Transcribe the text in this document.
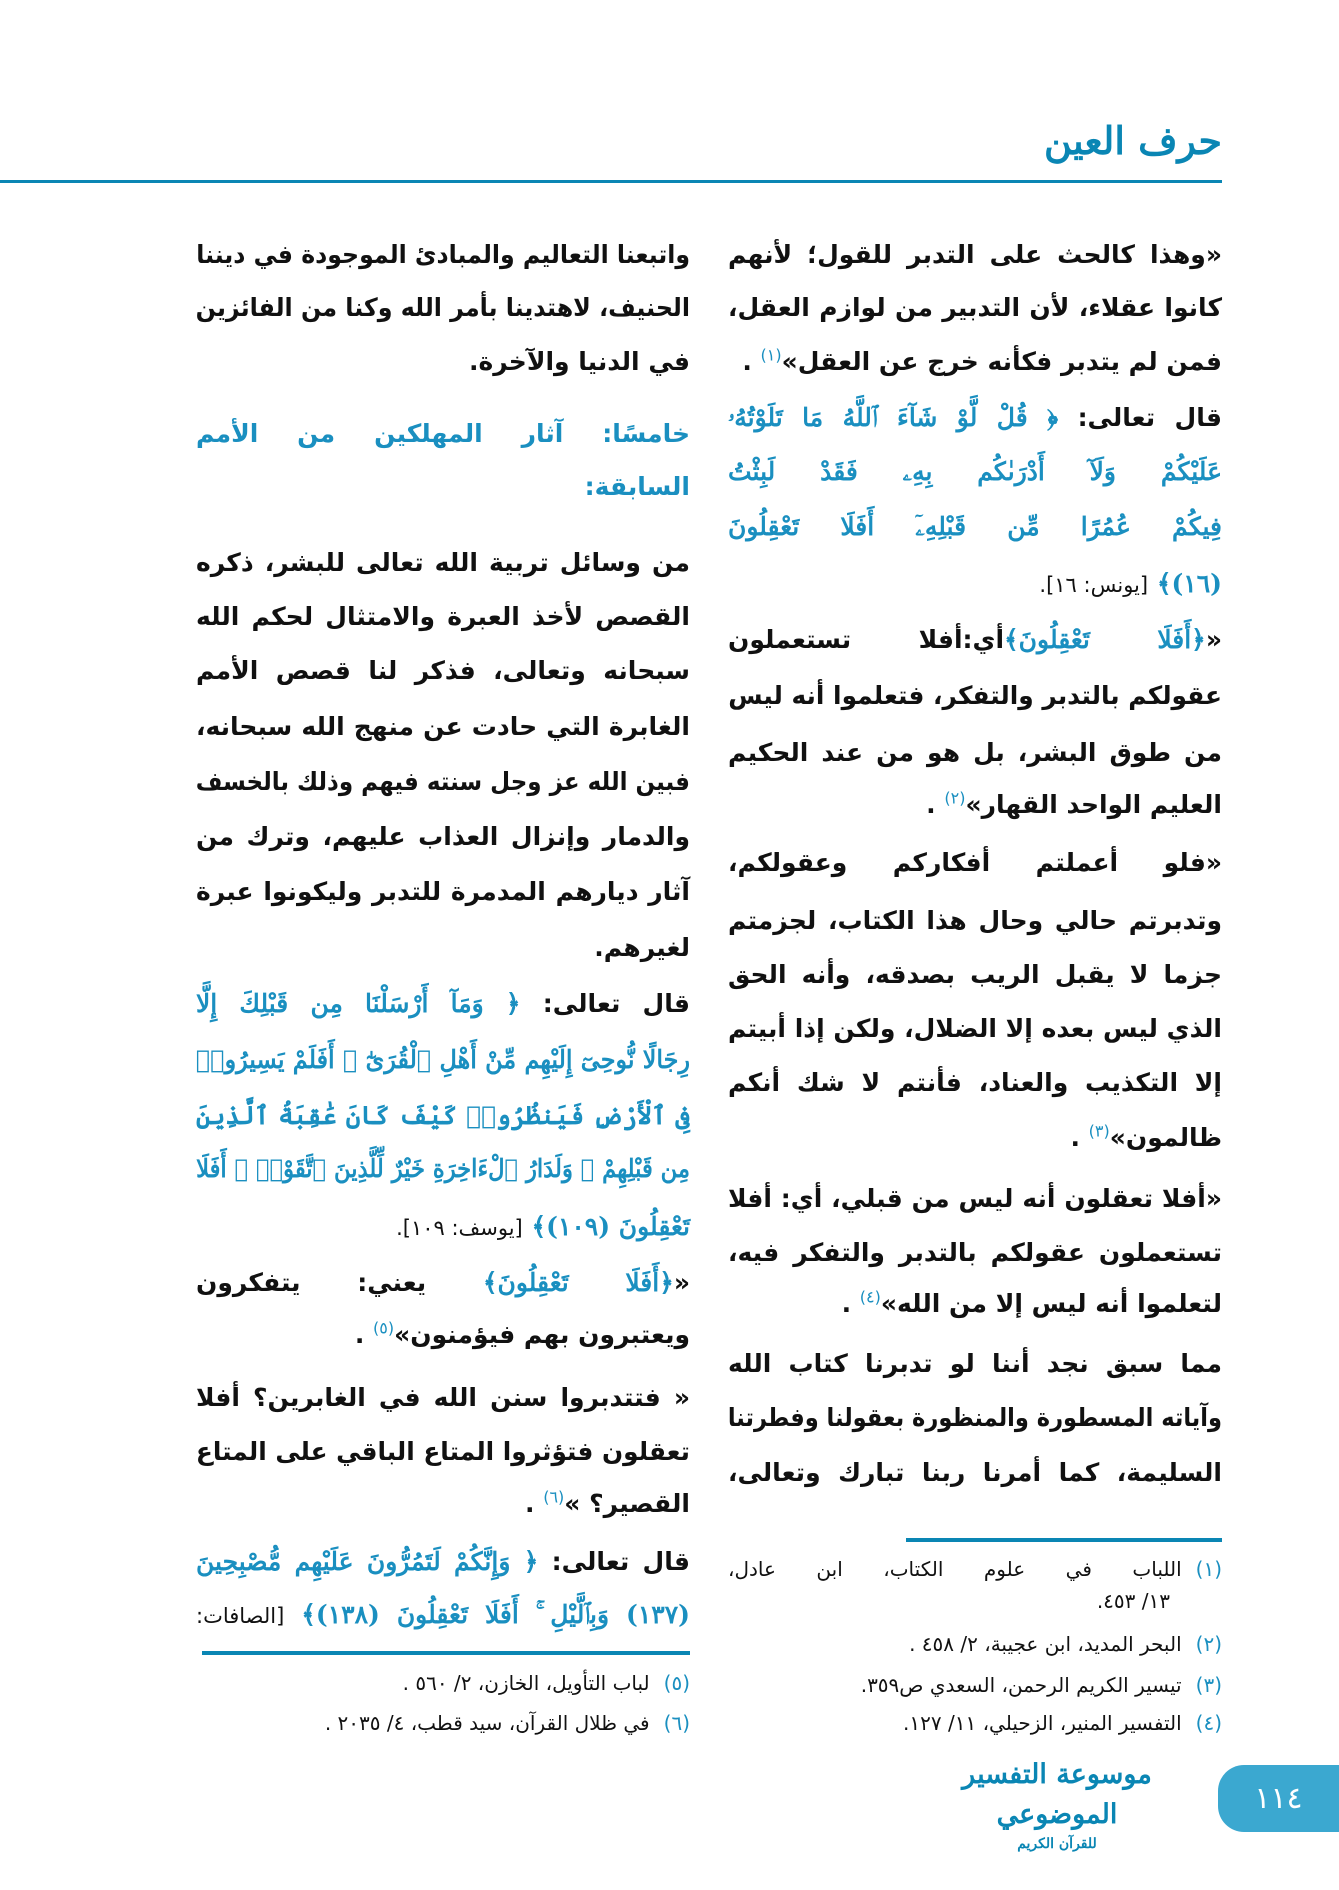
حرف العين
«وهذا كالحث على التدبر للقول؛ لأنهم
كانوا عقلاء، لأن التدبير من لوازم العقل،
فمن لم يتدبر فكأنه خرج عن العقل»$^{(١)}$ .
قال تعالى: ﴿ قُلْ لَّوْ شَآءَ ٱللَّهُ مَا تَلَوْتُهُۥ
عَلَيْكُمْ وَلَآ أَدْرَىٰكُم بِهِۦ فَقَدْ لَبِثْتُ
فِيكُمْ عُمُرًا مِّن قَبْلِهِۦٓ أَفَلَا تَعْقِلُونَ
(١٦)﴾ [يونس: ١٦].
«﴿أَفَلَا تَعْقِلُونَ﴾أي:أفلا تستعملون
عقولكم بالتدبر والتفكر، فتعلموا أنه ليس
من طوق البشر، بل هو من عند الحكيم
العليم الواحد القهار»$^{(٢)}$ .
«فلو أعملتم أفكاركم وعقولكم،
وتدبرتم حالي وحال هذا الكتاب، لجزمتم
جزما لا يقبل الريب بصدقه، وأنه الحق
الذي ليس بعده إلا الضلال، ولكن إذا أبيتم
إلا التكذيب والعناد، فأنتم لا شك أنكم
ظالمون»$^{(٣)}$ .
«أفلا تعقلون أنه ليس من قبلي، أي: أفلا
تستعملون عقولكم بالتدبر والتفكر فيه،
لتعلموا أنه ليس إلا من الله»$^{(٤)}$ .
مما سبق نجد أننا لو تدبرنا كتاب الله
وآياته المسطورة والمنظورة بعقولنا وفطرتنا
السليمة، كما أمرنا ربنا تبارك وتعالى،
واتبعنا التعاليم والمبادئ الموجودة في ديننا
الحنيف، لاهتدينا بأمر الله وكنا من الفائزين
في الدنيا والآخرة.
خامسًا: آثار المهلكين من الأمم
السابقة:
من وسائل تربية الله تعالى للبشر، ذكره
القصص لأخذ العبرة والامتثال لحكم الله
سبحانه وتعالى، فذكر لنا قصص الأمم
الغابرة التي حادت عن منهج الله سبحانه،
فبين الله عز وجل سنته فيهم وذلك بالخسف
والدمار وإنزال العذاب عليهم، وترك من
آثار ديارهم المدمرة للتدبر وليكونوا عبرة
لغيرهم.
قال تعالى: ﴿ وَمَآ أَرْسَلْنَا مِن قَبْلِكَ إِلَّا
رِجَالًا نُّوحِىٓ إِلَيْهِم مِّنْ أَهْلِ ٱلْقُرَىٰٓ ۗ أَفَلَمْ يَسِيرُوا۟
فِى ٱلْأَرْضِ فَيَنظُرُوا۟ كَيْفَ كَانَ عَٰقِبَةُ ٱلَّذِينَ
مِن قَبْلِهِمْ ۗ وَلَدَارُ ٱلْءَاخِرَةِ خَيْرٌ لِّلَّذِينَ ٱتَّقَوْا۟ ۗ أَفَلَا
تَعْقِلُونَ (١٠٩)﴾ [يوسف: ١٠٩].
«﴿أَفَلَا تَعْقِلُونَ﴾ يعني: يتفكرون
ويعتبرون بهم فيؤمنون»$^{(٥)}$ .
« فتتدبروا سنن الله في الغابرين؟ أفلا
تعقلون فتؤثروا المتاع الباقي على المتاع
القصير؟ »$^{(٦)}$ .
قال تعالى: ﴿ وَإِنَّكُمْ لَتَمُرُّونَ عَلَيْهِم مُّصْبِحِينَ
(١٣٧) وَبِٱلَّيْلِ ۚ أَفَلَا تَعْقِلُونَ (١٣٨)﴾ [الصافات:
(١)اللباب في علوم الكتاب، ابن عادل،
١٣/ ٤٥٣.
(٢)البحر المديد، ابن عجيبة، ٢/ ٤٥٨ .
(٣)تيسير الكريم الرحمن، السعدي ص٣٥٩.
(٤)التفسير المنير، الزحيلي، ١١/ ١٢٧.
(٥)لباب التأويل، الخازن، ٢/ ٥٦٠ .
(٦)في ظلال القرآن، سيد قطب، ٤/ ٢٠٣٥ .
موسوعة التفسير الموضوعي
للقرآن الكريم
١١٤
